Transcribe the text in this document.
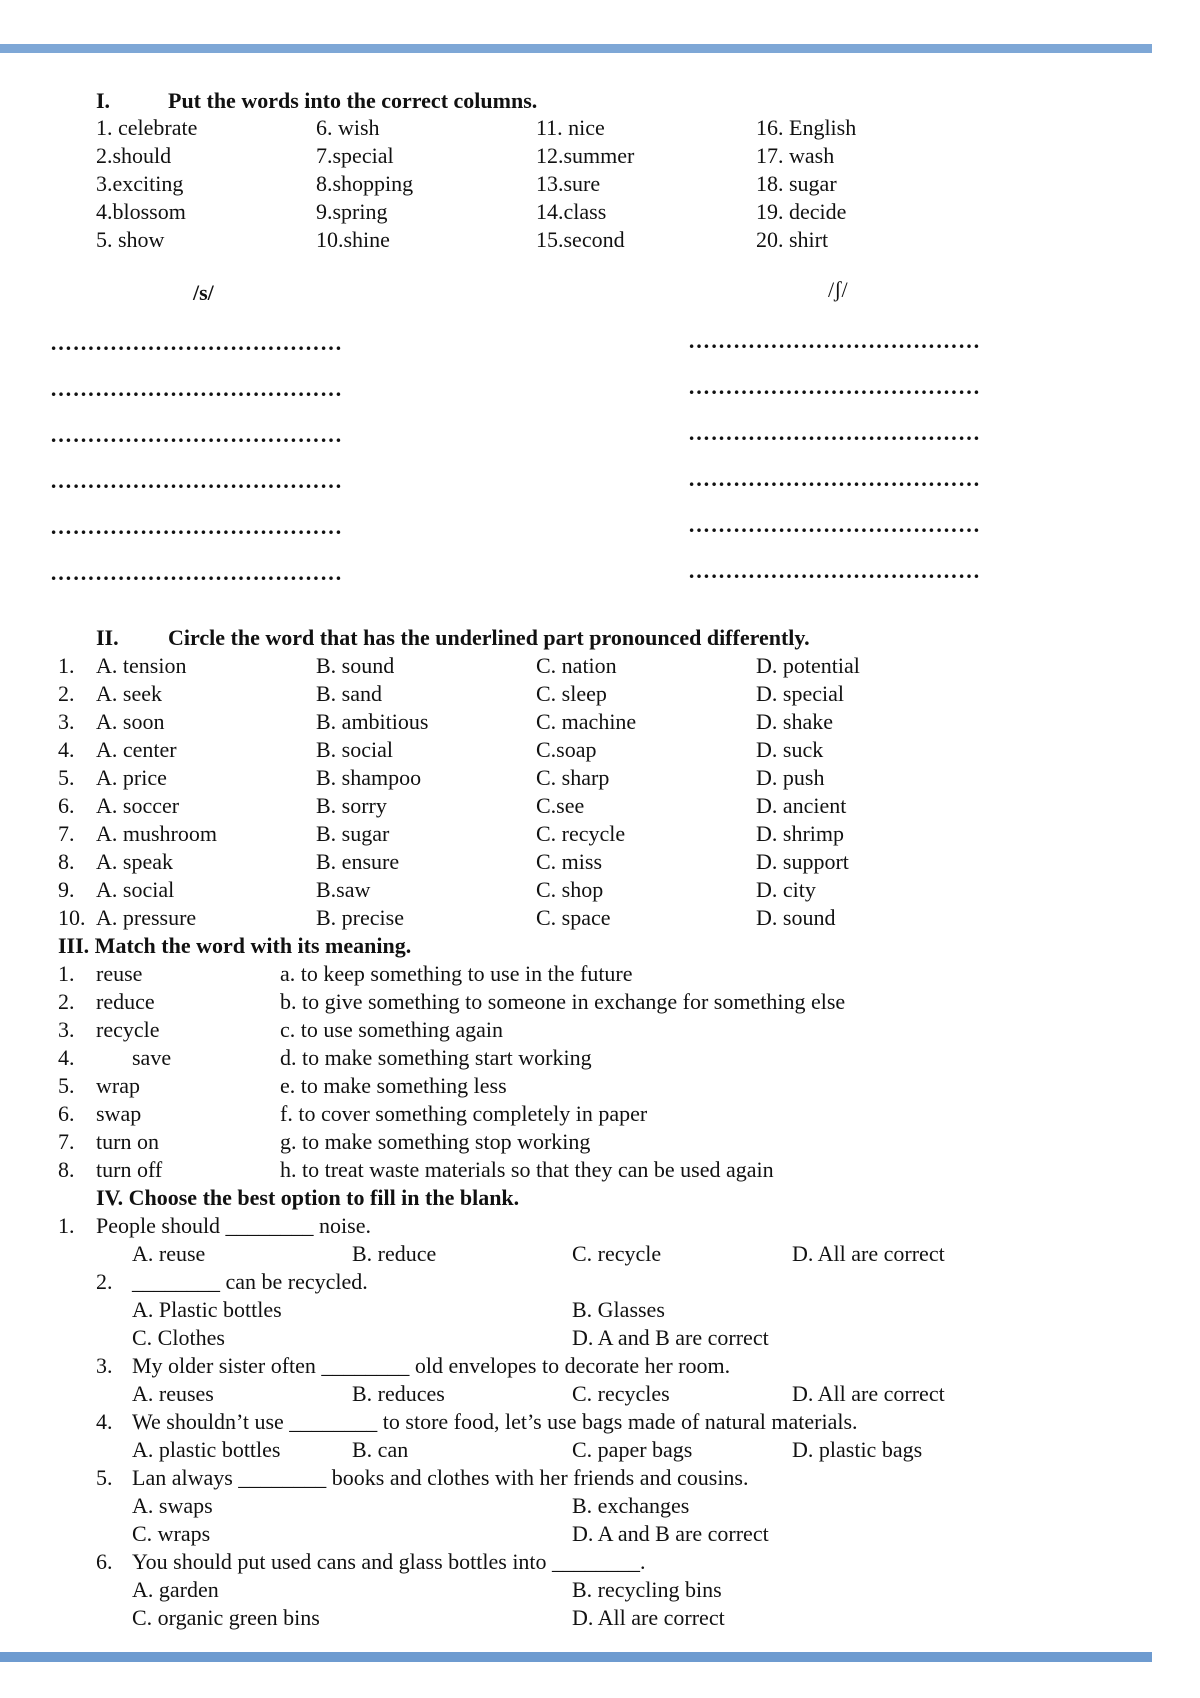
I.	Put the words into the correct columns.
1. celebrate	6. wish	11. nice	16. English
2.should	7.special	12.summer	17. wash
3.exciting	8.shopping	13.sure	18. sugar
4.blossom	9.spring	14.class	19. decide
5. show	10.shine	15.second	20. shirt
/s/	/ʃ/
…………………………………
…………………………………
…………………………………
…………………………………
…………………………………
…………………………………
…………………………………
…………………………………
…………………………………
…………………………………
…………………………………
…………………………………
II. Circle the word that has the underlined part pronounced differently.
1. A. tension	B. sound	C. nation	D. potential
2. A. seek	B. sand	C. sleep	D. special
3. A. soon	B. ambitious	C. machine	D. shake
4. A. center	B. social	C.soap	D. suck
5. A. price	B. shampoo	C. sharp	D. push
6. A. soccer	B. sorry	C.see	D. ancient
7. A. mushroom	B. sugar	C. recycle	D. shrimp
8. A. speak	B. ensure	C. miss	D. support
9. A. social	B.saw	C. shop	D. city
10. A. pressure	B. precise	C. space	D. sound
III. Match the word with its meaning.
1. reuse	a. to keep something to use in the future
2. reduce	b. to give something to someone in exchange for something else
3. recycle	c. to use something again
4.	save	d. to make something start working
5. wrap	e. to make something less
6. swap	f. to cover something completely in paper
7. turn on	g. to make something stop working
8. turn off	h. to treat waste materials so that they can be used again
IV. Choose the best option to fill in the blank.
1. People should ________ noise.
A. reuse	B. reduce	C. recycle	D. All are correct
2. ________ can be recycled.
A. Plastic bottles	B. Glasses
C. Clothes	D. A and B are correct
3. My older sister often ________ old envelopes to decorate her room.
A. reuses	B. reduces	C. recycles	D. All are correct
4. We shouldn’t use ________ to store food, let’s use bags made of natural materials.
A. plastic bottles	B. can	C. paper bags	D. plastic bags
5. Lan always ________ books and clothes with her friends and cousins.
A. swaps	B. exchanges
C. wraps	D. A and B are correct
6. You should put used cans and glass bottles into ________.
A. garden	B. recycling bins
C. organic green bins	D. All are correct
